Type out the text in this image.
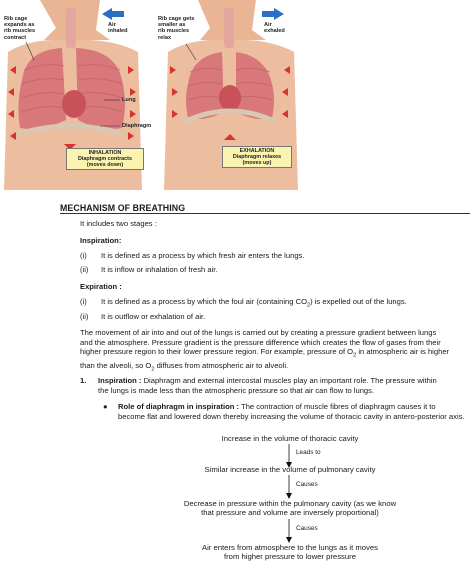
Rib cage
expands as
rib muscles
contract
Air
inhaled
Lung
Diaphragm
INHALATION
Diaphragm contracts
(moves down)
Rib cage gets
smaller as
rib muscles
relax
Air
exhaled
EXHALATION
Diaphragm relaxes
(moves up)
MECHANISM OF BREATHING
It includes two stages :
Inspiration:
(i) It is defined as a process by which fresh air enters the lungs.
(ii) It is inflow or inhalation of fresh air.
Expiration :
(i) It is defined as a process by which the foul air (containing $CO_2$) is expelled out of the lungs.
(ii) It is outflow or exhalation of air.
The movement of air into and out of the lungs is carried out by creating a pressure gradient between lungs
and the atmosphere. Pressure gradient is the pressure difference which creates the flow of gases from their
higher pressure region to their lower pressure region. For example, pressure of $O_2$ in atmospheric air is higher
than the alveoli, so $O_2$ diffuses from atmospheric air to alveoli.
1. Inspiration : Diaphragm and external intercostal muscles play an important role. The pressure within
the lungs is made less than the atmospheric pressure so that air can flow to lungs.
● Role of diaphragm in inspiration : The contraction of muscle fibres of diaphragm causes it to
become flat and lowered down thereby increasing the volume of thoracic cavity in antero-posterior axis.
Increase in the volume of thoracic cavity
Leads to
Similar increase in the volume of pulmonary cavity
Causes
Decrease in pressure within the pulmonary cavity (as we know
that pressure and volume are inversely proportional)
Causes
Air enters from atmosphere to the lungs as it moves
from higher pressure to lower pressure
